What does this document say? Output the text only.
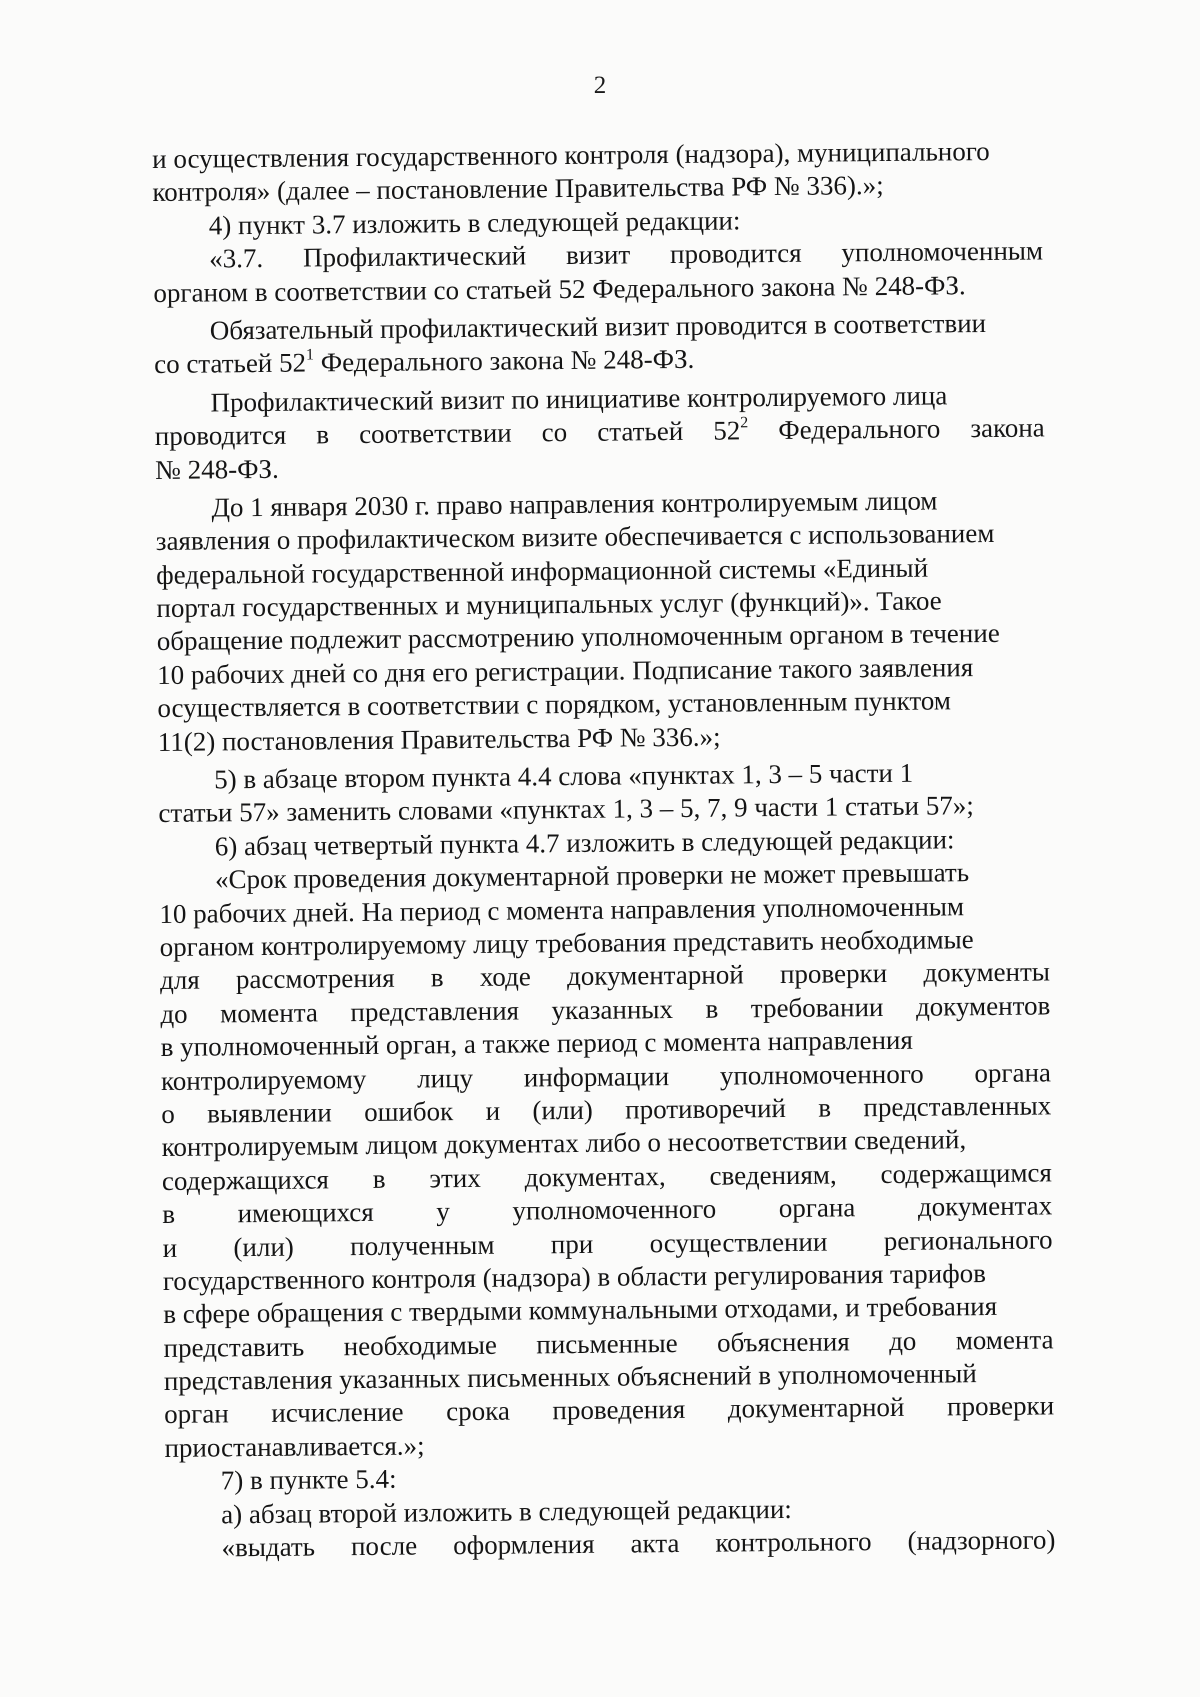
2
и осуществления государственного контроля (надзора), муниципального
контроля» (далее – постановление Правительства РФ № 336).»;
4) пункт 3.7 изложить в следующей редакции:
«3.7. Профилактический визит проводится уполномоченным
органом в соответствии со статьей 52 Федерального закона № 248-ФЗ.
Обязательный профилактический визит проводится в соответствии
со статьей $52^1$ Федерального закона № 248-ФЗ.
Профилактический визит по инициативе контролируемого лица
проводится в соответствии со статьей $52^2$ Федерального закона
№ 248-ФЗ.
До 1 января 2030 г. право направления контролируемым лицом
заявления о профилактическом визите обеспечивается с использованием
федеральной государственной информационной системы «Единый
портал государственных и муниципальных услуг (функций)». Такое
обращение подлежит рассмотрению уполномоченным органом в течение
10 рабочих дней со дня его регистрации. Подписание такого заявления
осуществляется в соответствии с порядком, установленным пунктом
11(2) постановления Правительства РФ № 336.»;
5) в абзаце втором пункта 4.4 слова «пунктах 1, 3 – 5 части 1
статьи 57» заменить словами «пунктах 1, 3 – 5, 7, 9 части 1 статьи 57»;
6) абзац четвертый пункта 4.7 изложить в следующей редакции:
«Срок проведения документарной проверки не может превышать
10 рабочих дней. На период с момента направления уполномоченным
органом контролируемому лицу требования представить необходимые
для рассмотрения в ходе документарной проверки документы
до момента представления указанных в требовании документов
в уполномоченный орган, а также период с момента направления
контролируемому лицу информации уполномоченного органа
о выявлении ошибок и (или) противоречий в представленных
контролируемым лицом документах либо о несоответствии сведений,
содержащихся в этих документах, сведениям, содержащимся
в имеющихся у уполномоченного органа документах
и (или) полученным при осуществлении регионального
государственного контроля (надзора) в области регулирования тарифов
в сфере обращения с твердыми коммунальными отходами, и требования
представить необходимые письменные объяснения до момента
представления указанных письменных объяснений в уполномоченный
орган исчисление срока проведения документарной проверки
приостанавливается.»;
7) в пункте 5.4:
а) абзац второй изложить в следующей редакции:
«выдать после оформления акта контрольного (надзорного)
